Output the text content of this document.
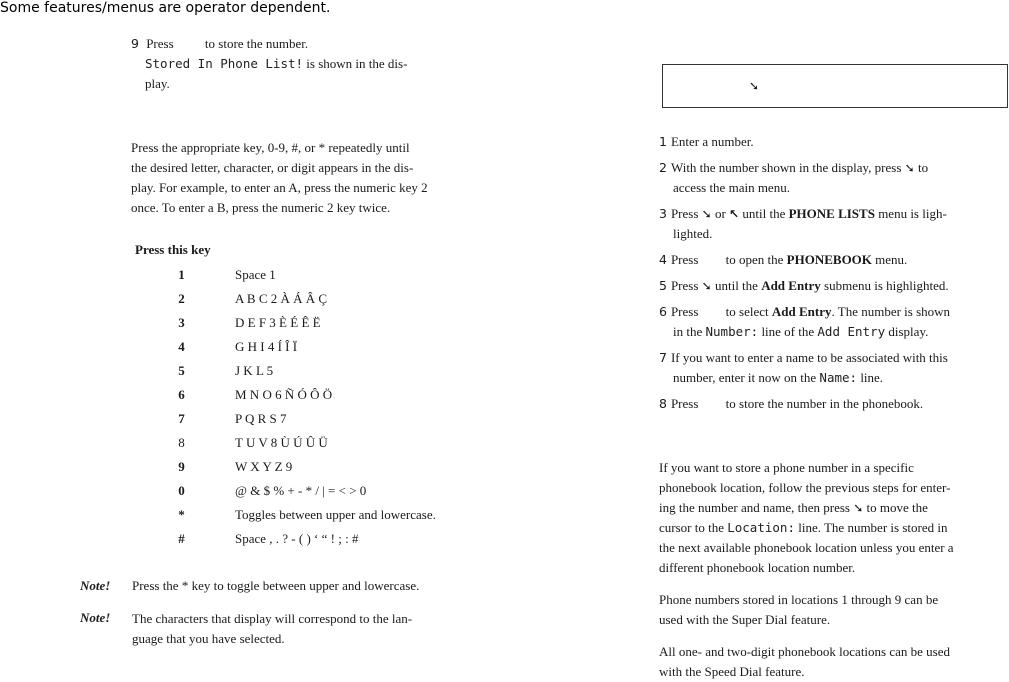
Some features/menus are operator dependent.
9 Press to store the number.
Stored In Phone List! is shown in the dis-
play.
Press the appropriate key, 0-9, #, or * repeatedly until
the desired letter, character, or digit appears in the dis-
play. For example, to enter an A, press the numeric key 2
once. To enter a B, press the numeric 2 key twice.
Press this key
1	Space 1
2	A B C 2 À Á Â Ç
3	D E F 3 È É Ê Ë
4	G H I 4 Í Î Ï
5	J K L 5
6	M N O 6 Ñ Ó Ô Ö
7	P Q R S 7
8	T U V 8 Ù Ú Û Ü
9	W X Y Z 9
0	@ & $ % + - * / | = < > 0
*	Toggles between upper and lowercase.
#	Space , . ? - ( ) ‘ “ ! ; : #
Note! Press the * key to toggle between upper and lowercase.
Note! The characters that display will correspond to the lan-
guage that you have selected.
➘
1 Enter a number.
2 With the number shown in the display, press ➘ to
access the main menu.
3 Press ➘ or ↖ until the PHONE LISTS menu is ligh-
lighted.
4 Press to open the PHONEBOOK menu.
5 Press ➘ until the Add Entry submenu is highlighted.
6 Press to select Add Entry. The number is shown
in the Number: line of the Add Entry display.
7 If you want to enter a name to be associated with this
number, enter it now on the Name: line.
8 Press to store the number in the phonebook.
If you want to store a phone number in a specific
phonebook location, follow the previous steps for enter-
ing the number and name, then press ➘ to move the
cursor to the Location: line. The number is stored in
the next available phonebook location unless you enter a
different phonebook location number.
Phone numbers stored in locations 1 through 9 can be
used with the Super Dial feature.
All one- and two-digit phonebook locations can be used
with the Speed Dial feature.
